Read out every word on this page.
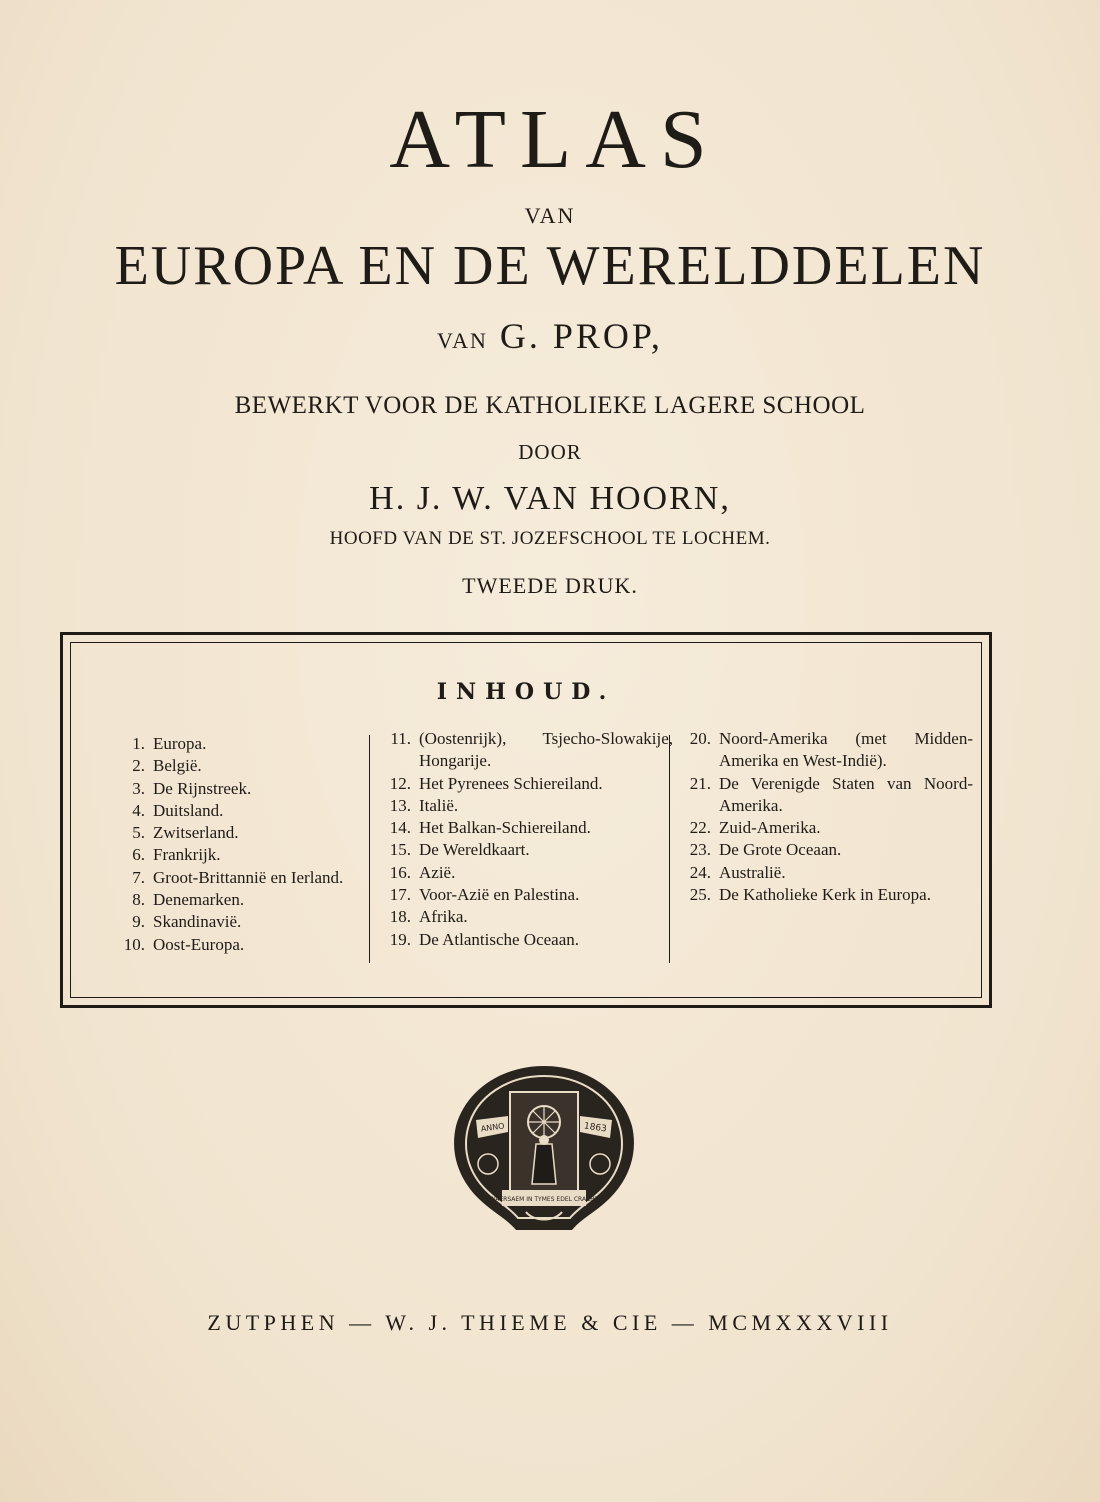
ATLAS
VAN
EUROPA EN DE WERELDDELEN
VAN G. PROP,
BEWERKT VOOR DE KATHOLIEKE LAGERE SCHOOL
DOOR
H. J. W. VAN HOORN,
HOOFD VAN DE ST. JOZEFSCHOOL TE LOCHEM.
TWEEDE DRUK.
INHOUD.
1. Europa.
2. België.
3. De Rijnstreek.
4. Duitsland.
5. Zwitserland.
6. Frankrijk.
7. Groot-Brittannië en Ierland.
8. Denemarken.
9. Skandinavië.
10. Oost-Europa.
11. (Oostenrijk), Tsjecho-Slowakije, Hongarije.
12. Het Pyrenees Schiereiland.
13. Italië.
14. Het Balkan-Schiereiland.
15. De Wereldkaart.
16. Azië.
17. Voor-Azië en Palestina.
18. Afrika.
19. De Atlantische Oceaan.
20. Noord-Amerika (met Midden-Amerika en West-Indië).
21. De Verenigde Staten van Noord-Amerika.
22. Zuid-Amerika.
23. De Grote Oceaan.
24. Australië.
25. De Katholieke Kerk in Europa.
ANNO	1863
WAERSAEM IN TYMES EDEL CRACHT
ZUTPHEN — W. J. THIEME & CIE — MCMXXXVIII
